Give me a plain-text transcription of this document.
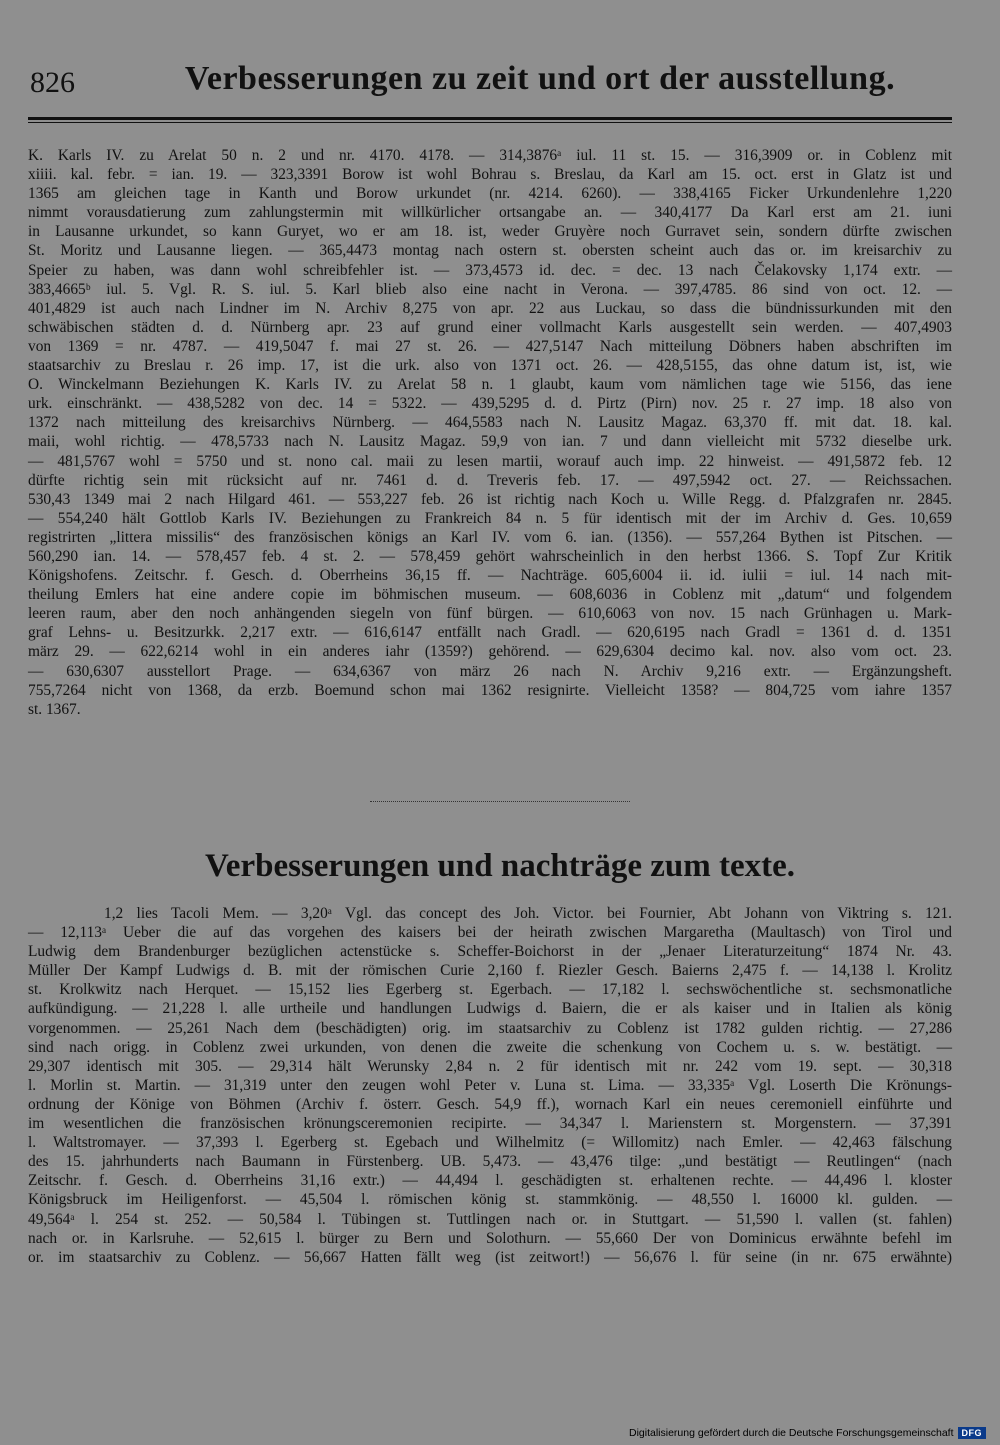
826	Verbesserungen zu zeit und ort der ausstellung.
K. Karls IV. zu Arelat 50 n. 2 und nr. 4170. 4178. — 314,3876ᵃ iul. 11 st. 15. — 316,3909 or. in Coblenz mit
xiiii. kal. febr. = ian. 19. — 323,3391 Borow ist wohl Bohrau s. Breslau, da Karl am 15. oct. erst in Glatz ist und
1365 am gleichen tage in Kanth und Borow urkundet (nr. 4214. 6260). — 338,4165 Ficker Urkundenlehre 1,220
nimmt vorausdatierung zum zahlungstermin mit willkürlicher ortsangabe an. — 340,4177 Da Karl erst am 21. iuni
in Lausanne urkundet, so kann Guryet, wo er am 18. ist, weder Gruyère noch Gurravet sein, sondern dürfte zwischen
St. Moritz und Lausanne liegen. — 365,4473 montag nach ostern st. obersten scheint auch das or. im kreisarchiv zu
Speier zu haben, was dann wohl schreibfehler ist. — 373,4573 id. dec. = dec. 13 nach Čelakovsky 1,174 extr. —
383,4665ᵇ iul. 5. Vgl. R. S. iul. 5. Karl blieb also eine nacht in Verona. — 397,4785. 86 sind von oct. 12. —
401,4829 ist auch nach Lindner im N. Archiv 8,275 von apr. 22 aus Luckau, so dass die bündnissurkunden mit den
schwäbischen städten d. d. Nürnberg apr. 23 auf grund einer vollmacht Karls ausgestellt sein werden. — 407,4903
von 1369 = nr. 4787. — 419,5047 f. mai 27 st. 26. — 427,5147 Nach mitteilung Döbners haben abschriften im
staatsarchiv zu Breslau r. 26 imp. 17, ist die urk. also von 1371 oct. 26. — 428,5155, das ohne datum ist, ist, wie
O. Winckelmann Beziehungen K. Karls IV. zu Arelat 58 n. 1 glaubt, kaum vom nämlichen tage wie 5156, das iene
urk. einschränkt. — 438,5282 von dec. 14 = 5322. — 439,5295 d. d. Pirtz (Pirn) nov. 25 r. 27 imp. 18 also von
1372 nach mitteilung des kreisarchivs Nürnberg. — 464,5583 nach N. Lausitz Magaz. 63,370 ff. mit dat. 18. kal.
maii, wohl richtig. — 478,5733 nach N. Lausitz Magaz. 59,9 von ian. 7 und dann vielleicht mit 5732 dieselbe urk.
— 481,5767 wohl = 5750 und st. nono cal. maii zu lesen martii, worauf auch imp. 22 hinweist. — 491,5872 feb. 12
dürfte richtig sein mit rücksicht auf nr. 7461 d. d. Treveris feb. 17. — 497,5942 oct. 27. — Reichssachen.
530,43 1349 mai 2 nach Hilgard 461. — 553,227 feb. 26 ist richtig nach Koch u. Wille Regg. d. Pfalzgrafen nr. 2845.
— 554,240 hält Gottlob Karls IV. Beziehungen zu Frankreich 84 n. 5 für identisch mit der im Archiv d. Ges. 10,659
registrirten „littera missilis“ des französischen königs an Karl IV. vom 6. ian. (1356). — 557,264 Bythen ist Pitschen. —
560,290 ian. 14. — 578,457 feb. 4 st. 2. — 578,459 gehört wahrscheinlich in den herbst 1366. S. Topf Zur Kritik
Königshofens. Zeitschr. f. Gesch. d. Oberrheins 36,15 ff. — Nachträge. 605,6004 ii. id. iulii = iul. 14 nach mit-
theilung Emlers hat eine andere copie im böhmischen museum. — 608,6036 in Coblenz mit „datum“ und folgendem
leeren raum, aber den noch anhängenden siegeln von fünf bürgen. — 610,6063 von nov. 15 nach Grünhagen u. Mark-
graf Lehns- u. Besitzurkk. 2,217 extr. — 616,6147 entfällt nach Gradl. — 620,6195 nach Gradl = 1361 d. d. 1351
märz 29. — 622,6214 wohl in ein anderes iahr (1359?) gehörend. — 629,6304 decimo kal. nov. also vom oct. 23.
— 630,6307 ausstellort Prage. — 634,6367 von märz 26 nach N. Archiv 9,216 extr. — Ergänzungsheft.
755,7264 nicht von 1368, da erzb. Boemund schon mai 1362 resignirte. Vielleicht 1358? — 804,725 vom iahre 1357
st. 1367.
Verbesserungen und nachträge zum texte.
1,2 lies Tacoli Mem. — 3,20ᵃ Vgl. das concept des Joh. Victor. bei Fournier, Abt Johann von Viktring s. 121.
— 12,113ᵃ Ueber die auf das vorgehen des kaisers bei der heirath zwischen Margaretha (Maultasch) von Tirol und
Ludwig dem Brandenburger bezüglichen actenstücke s. Scheffer-Boichorst in der „Jenaer Literaturzeitung“ 1874 Nr. 43.
Müller Der Kampf Ludwigs d. B. mit der römischen Curie 2,160 f. Riezler Gesch. Baierns 2,475 f. — 14,138 l. Krolitz
st. Krolkwitz nach Herquet. — 15,152 lies Egerberg st. Egerbach. — 17,182 l. sechswöchentliche st. sechsmonatliche
aufkündigung. — 21,228 l. alle urtheile und handlungen Ludwigs d. Baiern, die er als kaiser und in Italien als könig
vorgenommen. — 25,261 Nach dem (beschädigten) orig. im staatsarchiv zu Coblenz ist 1782 gulden richtig. — 27,286
sind nach origg. in Coblenz zwei urkunden, von denen die zweite die schenkung von Cochem u. s. w. bestätigt. —
29,307 identisch mit 305. — 29,314 hält Werunsky 2,84 n. 2 für identisch mit nr. 242 vom 19. sept. — 30,318
l. Morlin st. Martin. — 31,319 unter den zeugen wohl Peter v. Luna st. Lima. — 33,335ᵃ Vgl. Loserth Die Krönungs-
ordnung der Könige von Böhmen (Archiv f. österr. Gesch. 54,9 ff.), wornach Karl ein neues ceremoniell einführte und
im wesentlichen die französischen krönungsceremonien recipirte. — 34,347 l. Marienstern st. Morgenstern. — 37,391
l. Waltstromayer. — 37,393 l. Egerberg st. Egebach und Wilhelmitz (= Willomitz) nach Emler. — 42,463 fälschung
des 15. jahrhunderts nach Baumann in Fürstenberg. UB. 5,473. — 43,476 tilge: „und bestätigt — Reutlingen“ (nach
Zeitschr. f. Gesch. d. Oberrheins 31,16 extr.) — 44,494 l. geschädigten st. erhaltenen rechte. — 44,496 l. kloster
Königsbruck im Heiligenforst. — 45,504 l. römischen könig st. stammkönig. — 48,550 l. 16000 kl. gulden. —
49,564ᵃ l. 254 st. 252. — 50,584 l. Tübingen st. Tuttlingen nach or. in Stuttgart. — 51,590 l. vallen (st. fahlen)
nach or. in Karlsruhe. — 52,615 l. bürger zu Bern und Solothurn. — 55,660 Der von Dominicus erwähnte befehl im
or. im staatsarchiv zu Coblenz. — 56,667 Hatten fällt weg (ist zeitwort!) — 56,676 l. für seine (in nr. 675 erwähnte)
Digitalisierung gefördert durch die Deutsche Forschungsgemeinschaft DFG
